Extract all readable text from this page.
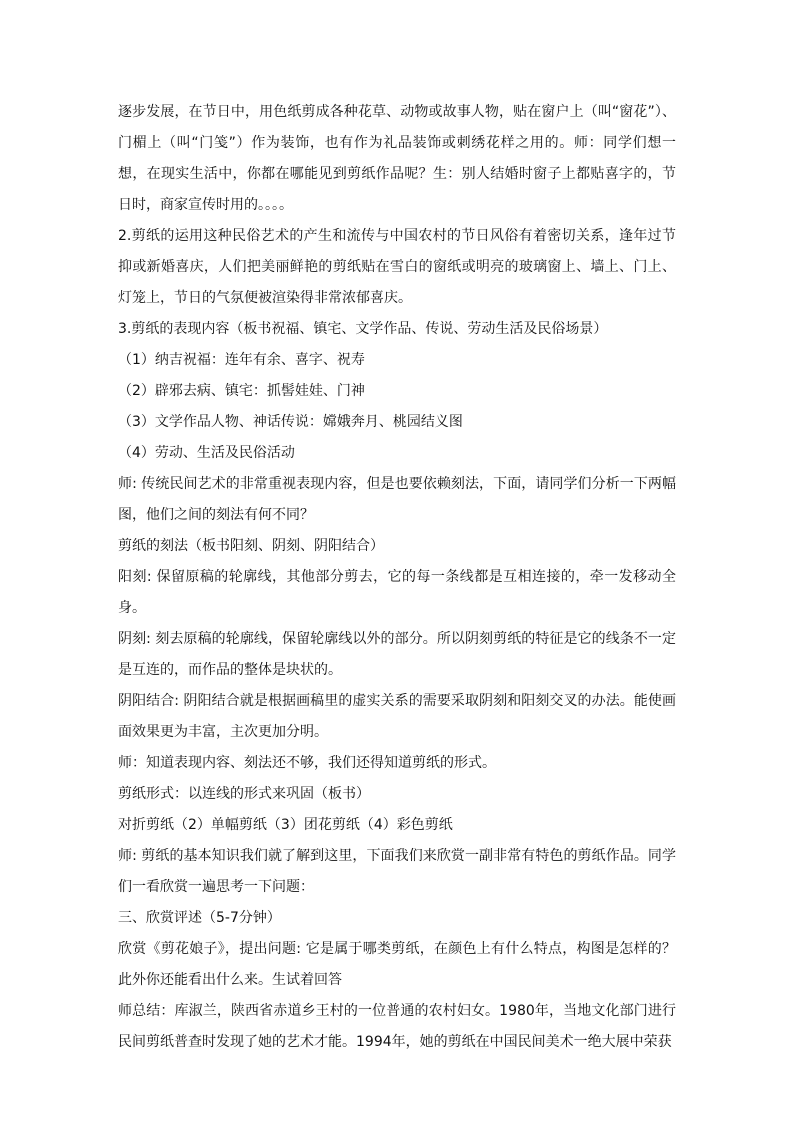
逐步发展，在节日中，用色纸剪成各种花草、动物或故事人物，贴在窗户上（叫“窗花”）、门楣上（叫“门笺”）作为装饰，也有作为礼品装饰或刺绣花样之用的。师：同学们想一想，在现实生活中，你都在哪能见到剪纸作品呢？生：别人结婚时窗子上都贴喜字的，节日时，商家宣传时用的。。。。

2.剪纸的运用这种民俗艺术的产生和流传与中国农村的节日风俗有着密切关系，逢年过节抑或新婚喜庆，人们把美丽鲜艳的剪纸贴在雪白的窗纸或明亮的玻璃窗上、墙上、门上、灯笼上，节日的气氛便被渲染得非常浓郁喜庆。

3.剪纸的表现内容（板书祝福、镇宅、文学作品、传说、劳动生活及民俗场景）

（1）纳吉祝福：连年有余、喜字、祝寿

（2）辟邪去病、镇宅：抓髻娃娃、门神

（3）文学作品人物、神话传说：嫦娥奔月、桃园结义图

（4）劳动、生活及民俗活动

师: 传统民间艺术的非常重视表现内容，但是也要依赖刻法，下面，请同学们分析一下两幅图，他们之间的刻法有何不同？

剪纸的刻法（板书阳刻、阴刻、阴阳结合）

阳刻: 保留原稿的轮廓线，其他部分剪去，它的每一条线都是互相连接的，牵一发移动全身。

阴刻: 刻去原稿的轮廓线，保留轮廓线以外的部分。所以阴刻剪纸的特征是它的线条不一定是互连的，而作品的整体是块状的。

阴阳结合: 阴阳结合就是根据画稿里的虚实关系的需要采取阴刻和阳刻交叉的办法。能使画面效果更为丰富，主次更加分明。

师：知道表现内容、刻法还不够，我们还得知道剪纸的形式。

剪纸形式：以连线的形式来巩固（板书）

对折剪纸（2）单幅剪纸（3）团花剪纸（4）彩色剪纸

师: 剪纸的基本知识我们就了解到这里，下面我们来欣赏一副非常有特色的剪纸作品。同学们一看欣赏一遍思考一下问题：

三、欣赏评述（5-7分钟）

欣赏《剪花娘子》，提出问题: 它是属于哪类剪纸，在颜色上有什么特点，构图是怎样的？此外你还能看出什么来。生试着回答

师总结：库淑兰，陕西省赤道乡王村的一位普通的农村妇女。1980年，当地文化部门进行民间剪纸普查时发现了她的艺术才能。1994年，她的剪纸在中国民间美术一绝大展中荣获
